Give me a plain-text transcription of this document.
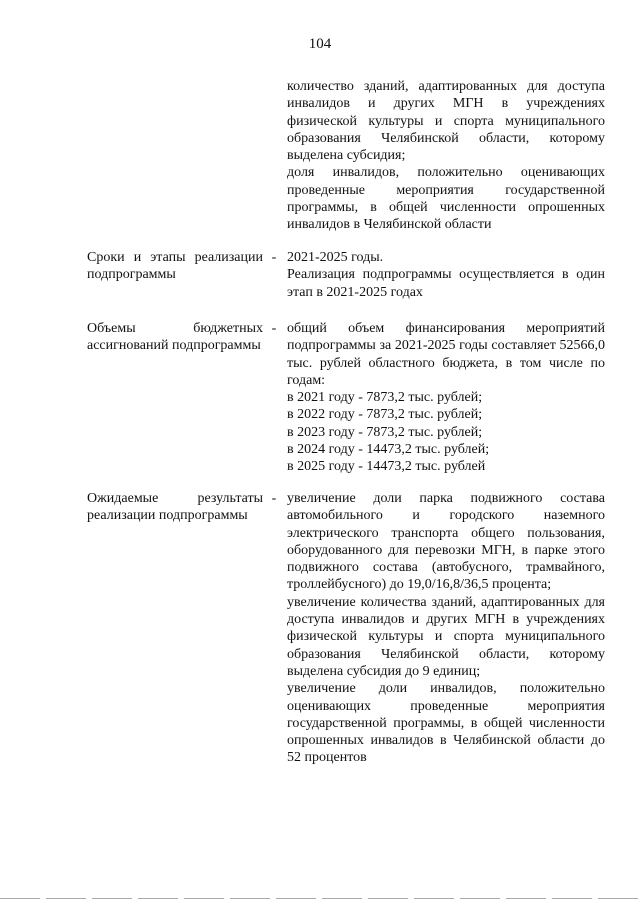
104

количество зданий, адаптированных для доступа инвалидов и других МГН в учреждениях физической культуры и спорта муниципального образования Челябинской области, которому выделена субсидия;

доля инвалидов, положительно оценивающих проведенные мероприятия государственной программы, в общей численности опрошенных инвалидов в Челябинской области

Сроки и этапы реализации подпрограммы
- 2021-2025 годы.

Реализация подпрограммы осуществляется в один этап в 2021-2025 годах

Объемы бюджетных ассигнований подпрограммы
- общий объем финансирования мероприятий подпрограммы за 2021-2025 годы составляет 52566,0 тыс. рублей областного бюджета, в том числе по годам:

в 2021 году - 7873,2 тыс. рублей;

в 2022 году - 7873,2 тыс. рублей;

в 2023 году - 7873,2 тыс. рублей;

в 2024 году - 14473,2 тыс. рублей;

в 2025 году - 14473,2 тыс. рублей

Ожидаемые результаты реализации подпрограммы
- увеличение доли парка подвижного состава автомобильного и городского наземного электрического транспорта общего пользования, оборудованного для перевозки МГН, в парке этого подвижного состава (автобусного, трамвайного, троллейбусного) до 19,0/16,8/36,5 процента;

увеличение количества зданий, адаптированных для доступа инвалидов и других МГН в учреждениях физической культуры и спорта муниципального образования Челябинской области, которому выделена субсидия до 9 единиц;

увеличение доли инвалидов, положительно оценивающих проведенные мероприятия государственной программы, в общей численности опрошенных инвалидов в Челябинской области до 52 процентов
